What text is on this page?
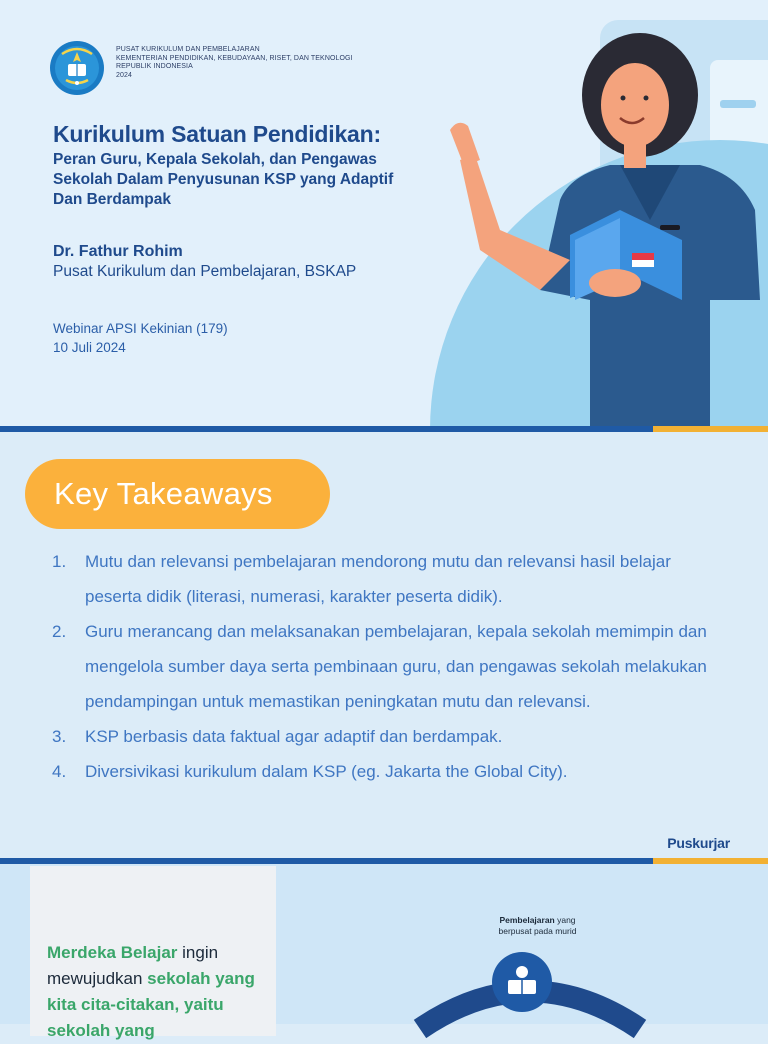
PUSAT KURIKULUM DAN PEMBELAJARAN
KEMENTERIAN PENDIDIKAN, KEBUDAYAAN, RISET, DAN TEKNOLOGI
REPUBLIK INDONESIA
2024
Kurikulum Satuan Pendidikan:
Peran Guru, Kepala Sekolah, dan Pengawas
Sekolah Dalam Penyusunan KSP yang Adaptif
Dan Berdampak
Dr. Fathur Rohim
Pusat Kurikulum dan Pembelajaran, BSKAP
Webinar APSI Kekinian (179)
10 Juli 2024
Key Takeaways
1.	Mutu dan relevansi pembelajaran mendorong mutu dan relevansi hasil belajar peserta didik (literasi, numerasi, karakter peserta didik).
2.	Guru merancang dan melaksanakan pembelajaran, kepala sekolah memimpin dan mengelola sumber daya serta pembinaan guru, dan pengawas sekolah melakukan pendampingan untuk memastikan peningkatan mutu dan relevansi.
3.	KSP berbasis data faktual agar adaptif dan berdampak.
4.	Diversivikasi kurikulum dalam KSP (eg. Jakarta the Global City).
Puskurjar
Merdeka Belajar ingin mewujudkan sekolah yang kita cita-citakan, yaitu sekolah yang
Pembelajaran yang
berpusat pada murid
